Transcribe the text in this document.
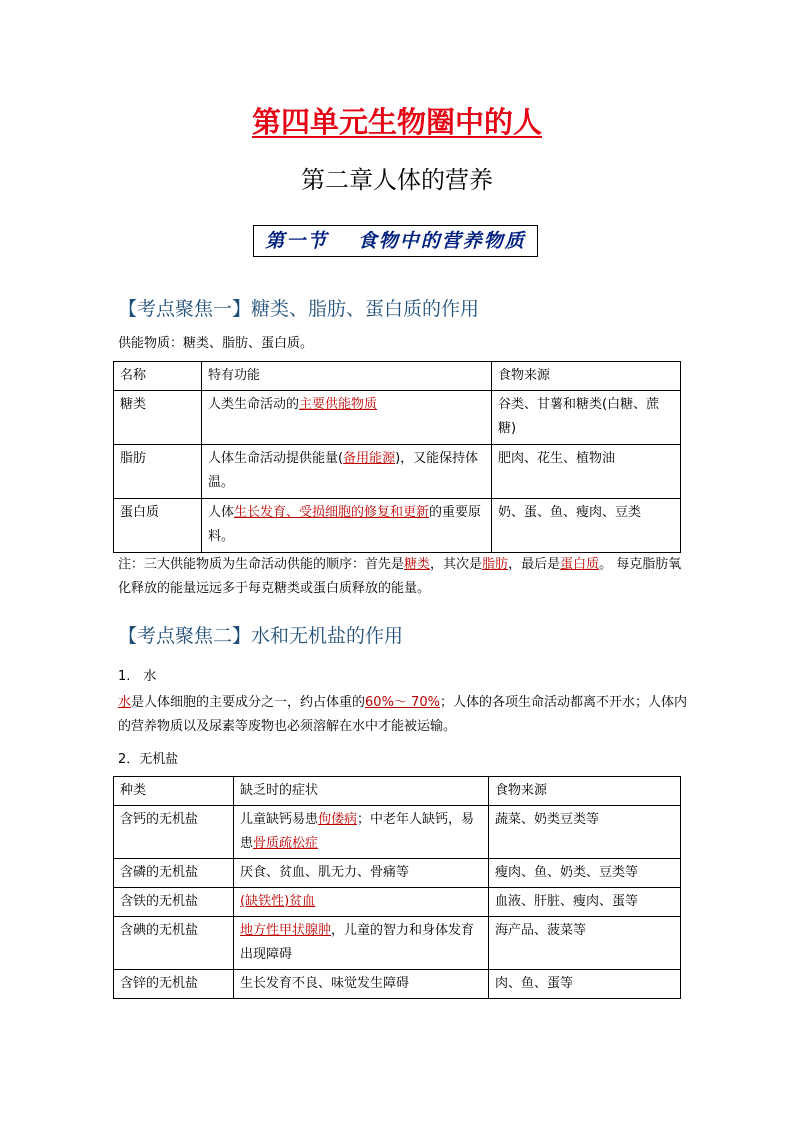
第四单元生物圈中的人
第二章人体的营养
第一节　 食物中的营养物质
【考点聚焦一】糖类、脂肪、蛋白质的作用
供能物质：糖类、脂肪、蛋白质。
名称	特有功能	食物来源
糖类	人类生命活动的主要供能物质	谷类、甘薯和糖类(白糖、蔗糖)
脂肪	人体生命活动提供能量(备用能源)，又能保持体温。	肥肉、花生、植物油
蛋白质	人体生长发育、受损细胞的修复和更新的重要原料。	奶、蛋、鱼、瘦肉、豆类
注：三大供能物质为生命活动供能的顺序：首先是糖类，其次是脂肪，最后是蛋白质。 每克脂肪氧化释放的能量远远多于每克糖类或蛋白质释放的能量。
【考点聚焦二】水和无机盐的作用
1.　水
水是人体细胞的主要成分之一，约占体重的60%～ 70%；人体的各项生命活动都离不开水；人体内的营养物质以及尿素等废物也必须溶解在水中才能被运输。
2．无机盐
种类	缺乏时的症状	食物来源
含钙的无机盐	儿童缺钙易患佝偻病；中老年人缺钙，易患骨质疏松症	蔬菜、奶类豆类等
含磷的无机盐	厌食、贫血、肌无力、骨痛等	瘦肉、鱼、奶类、豆类等
含铁的无机盐	(缺铁性)贫血	血液、肝脏、瘦肉、蛋等
含碘的无机盐	地方性甲状腺肿，儿童的智力和身体发育出现障碍	海产品、菠菜等
含锌的无机盐	生长发育不良、味觉发生障碍	肉、鱼、蛋等
